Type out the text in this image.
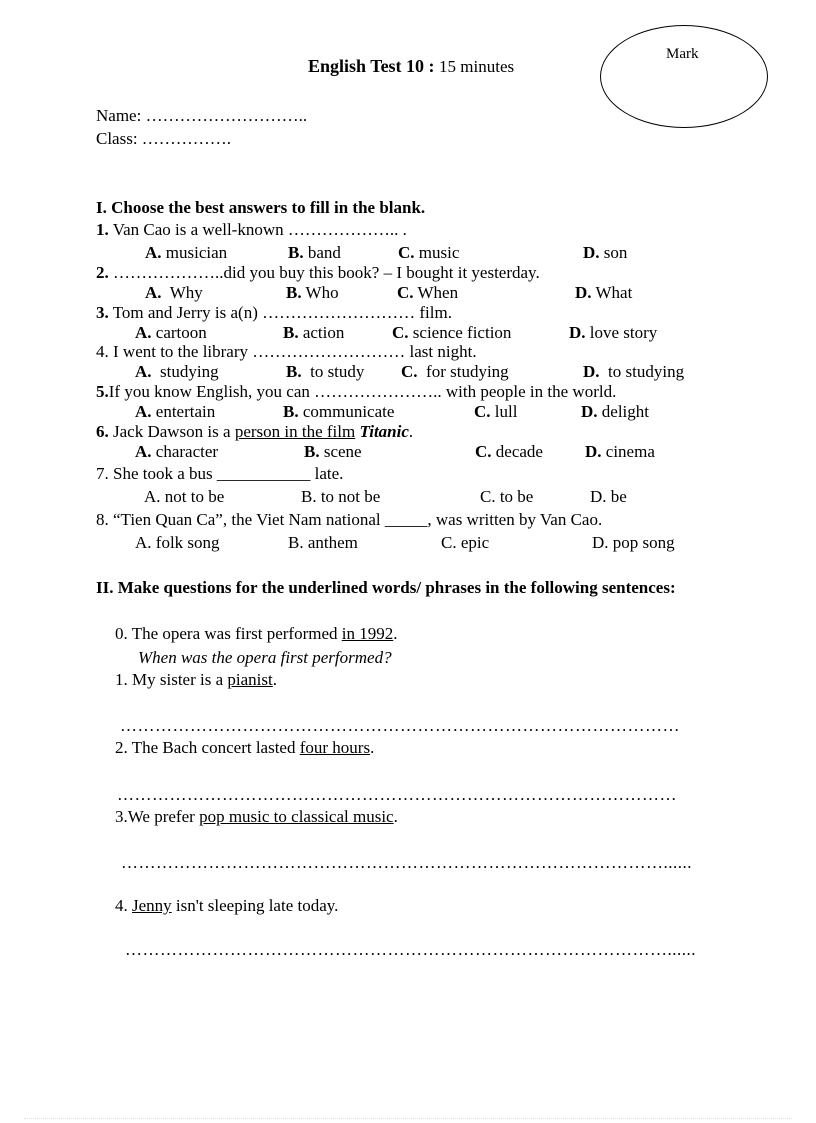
English Test 10 : 15 minutes
Mark
Name: ………………………..
Class: …………….
I. Choose the best answers to fill in the blank.
1. Van Cao is a well-known ……………….. .
A. musician	B. band	C. music	D. son
2. ………………..did you buy this book? – I bought it yesterday.
A. Why	B. Who	C. When	D. What
3. Tom and Jerry is a(n) ……………………… film.
A. cartoon	B. action	C. science fiction	D. love story
4. I went to the library ……………………… last night.
A. studying	B. to study C. for studying	D. to studying
5.If you know English, you can ………………….. with people in the world.
A. entertain	B. communicate	C. lull	D. delight
6. Jack Dawson is a person in the film Titanic.
A. character	B. scene	C. decade D. cinema
7. She took a bus ___________ late.
A. not to be	B. to not be	C. to be	D. be
8. “Tien Quan Ca”, the Viet Nam national _____, was written by Van Cao.
A. folk song	B. anthem	C. epic	D. pop song
II. Make questions for the underlined words/ phrases in the following sentences:
0. The opera was first performed in 1992.
When was the opera first performed?
1. My sister is a pianist.
……………………………………………………………………………………
2. The Bach concert lasted four hours.
……………………………………………………………………………………
3.We prefer pop music to classical music.
…………………………………………………………………………………......
4. Jenny isn't sleeping late today.
…………………………………………………………………………………......
